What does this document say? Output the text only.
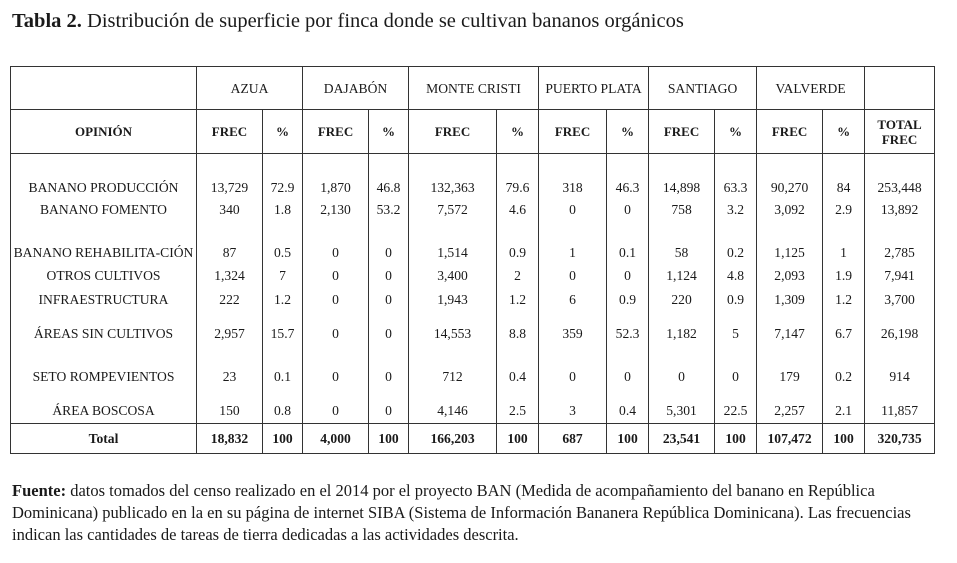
Tabla 2. Distribución de superficie por finca donde se cultivan bananos orgánicos
	AZUA		DAJABÓN		MONTE CRISTI		PUERTO PLATA		SANTIAGO		VALVERDE		
OPINIÓN	FREC	%	FREC	%	FREC	%	FREC	%	FREC	%	FREC	%	TOTAL FREC
BANANO PRODUCCIÓN	13,729	72.9	1,870	46.8	132,363	79.6	318	46.3	14,898	63.3	90,270	84	253,448
BANANO FOMENTO	340	1.8	2,130	53.2	7,572	4.6	0	0	758	3.2	3,092	2.9	13,892
BANANO REHABILITA-CIÓN	87	0.5	0	0	1,514	0.9	1	0.1	58	0.2	1,125	1	2,785
OTROS CULTIVOS	1,324	7	0	0	3,400	2	0	0	1,124	4.8	2,093	1.9	7,941
INFRAESTRUCTURA	222	1.2	0	0	1,943	1.2	6	0.9	220	0.9	1,309	1.2	3,700
ÁREAS SIN CULTIVOS	2,957	15.7	0	0	14,553	8.8	359	52.3	1,182	5	7,147	6.7	26,198
SETO ROMPEVIENTOS	23	0.1	0	0	712	0.4	0	0	0	0	179	0.2	914
ÁREA BOSCOSA	150	0.8	0	0	4,146	2.5	3	0.4	5,301	22.5	2,257	2.1	11,857
Total	18,832	100	4,000	100	166,203	100	687	100	23,541	100	107,472	100	320,735
Fuente: datos tomados del censo realizado en el 2014 por el proyecto BAN (Medida de acompañamiento del banano en República Dominicana) publicado en la en su página de internet SIBA (Sistema de Información Bananera República Dominicana). Las frecuencias indican las cantidades de tareas de tierra dedicadas a las actividades descrita.
